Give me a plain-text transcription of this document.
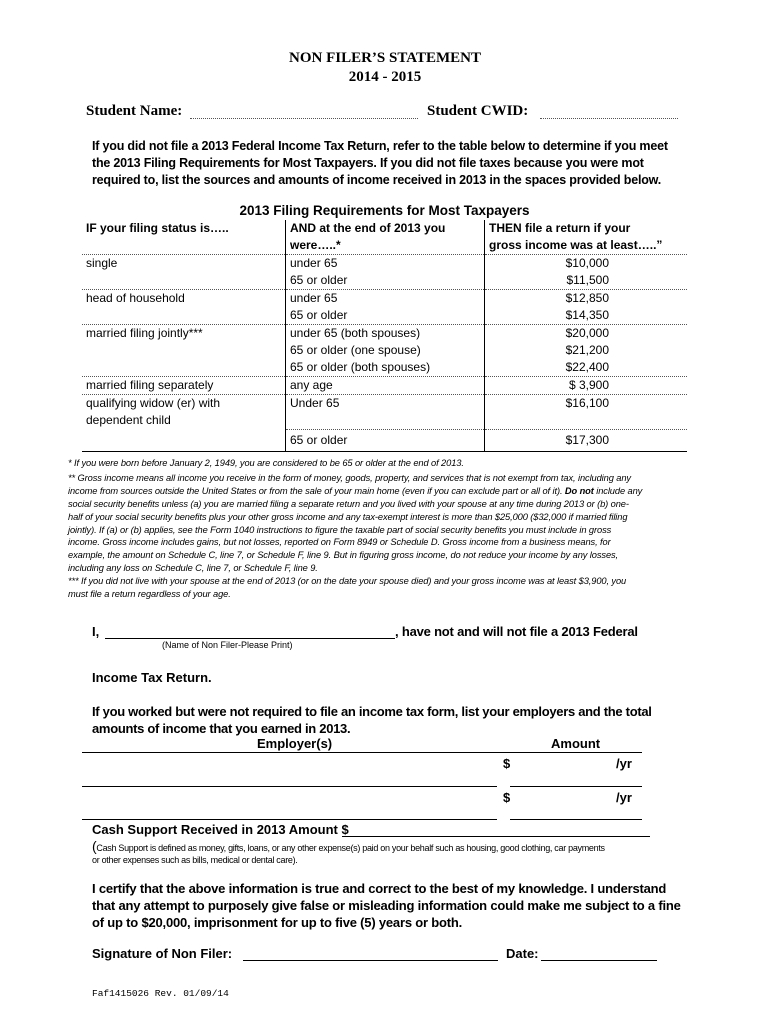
NON FILER’S STATEMENT
2014 - 2015
Student Name:	Student CWID:
If you did not file a 2013 Federal Income Tax Return, refer to the table below to determine if you meet
the 2013 Filing Requirements for Most Taxpayers. If you did not file taxes because you were mot
required to, list the sources and amounts of income received in 2013 in the spaces provided below.
2013 Filing Requirements for Most Taxpayers
IF your filing status is…..	AND at the end of 2013 you	THEN file a return if your
	were…..*	gross income was at least…..”
single	under 65	$10,000
	65 or older	$11,500
head of household	under 65	$12,850
	65 or older	$14,350
married filing jointly***	under 65 (both spouses)	$20,000
	65 or older (one spouse)	$21,200
	65 or older (both spouses)	$22,400
married filing separately	any age	$ 3,900
qualifying widow (er) with	Under 65	$16,100
dependent child		
	65 or older	$17,300
* If you were born before January 2, 1949, you are considered to be 65 or older at the end of 2013.
** Gross income means all income you receive in the form of money, goods, property, and services that is not exempt from tax, including any
income from sources outside the United States or from the sale of your main home (even if you can exclude part or all of it). Do not include any
social security benefits unless (a) you are married filing a separate return and you lived with your spouse at any time during 2013 or (b) one-
half of your social security benefits plus your other gross income and any tax-exempt interest is more than $25,000 ($32,000 if married filing
jointly). If (a) or (b) applies, see the Form 1040 instructions to figure the taxable part of social security benefits you must include in gross
income. Gross income includes gains, but not losses, reported on Form 8949 or Schedule D. Gross income from a business means, for
example, the amount on Schedule C, line 7, or Schedule F, line 9. But in figuring gross income, do not reduce your income by any losses,
including any loss on Schedule C, line 7, or Schedule F, line 9.
*** If you did not live with your spouse at the end of 2013 (or on the date your spouse died) and your gross income was at least $3,900, you
must file a return regardless of your age.
I,	, have not and will not file a 2013 Federal
(Name of Non Filer-Please Print)
Income Tax Return.
If you worked but were not required to file an income tax form, list your employers and the total
amounts of income that you earned in 2013.
Employer(s)	Amount
$	/yr
$	/yr
Cash Support Received in 2013 Amount $
(Cash Support is defined as money, gifts, loans, or any other expense(s) paid on your behalf such as housing, good clothing, car payments
or other expenses such as bills, medical or dental care).
I certify that the above information is true and correct to the best of my knowledge. I understand
that any attempt to purposely give false or misleading information could make me subject to a fine
of up to $20,000, imprisonment for up to five (5) years or both.
Signature of Non Filer:	Date:
Faf1415026 Rev. 01/09/14
